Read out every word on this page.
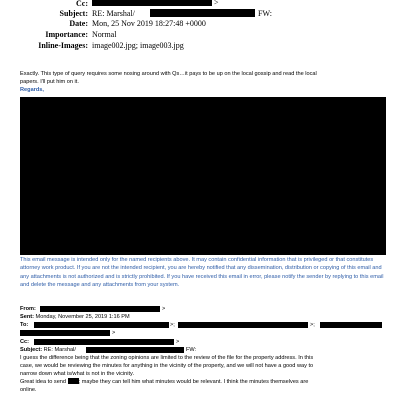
Cc:	>
Subject: RE: Marshal/	FW:
Date: Mon, 25 Nov 2019 18:27:48 +0000
Importance: Normal
Inline-Images: image002.jpg; image003.jpg

Exactly. This type of query requires some nosing around with Qs…it pays to be up on the local gossip and read the local

papers. I'll put him on it.

Regards,

This email message is intended only for the named recipients above. It may contain confidential information that is privileged or that constitutes attorney work product. If you are not the intended recipient, you are hereby notified that any dissemination, distribution or copying of this email and any attachments is not authorized and is strictly prohibited. If you have received this email in error, please notify the sender by replying to this email and delete the message and any attachments from your system.

From:	>
Sent: Monday, November 25, 2019 1:16 PM
To:	>;	>;
>
Cc:	>
Subject: RE: Marshal/	FW:

I guess the difference being that the zoning opinions are limited to the review of the file for the property address. In this

case, we would be reviewing the minutes for anything in the vicinity of the property, and we will not have a good way to

narrow down what is/what is not in the vicinity.

Great idea to send ; maybe they can tell him what minutes would be relevant. I think the minutes themselves are

online.
